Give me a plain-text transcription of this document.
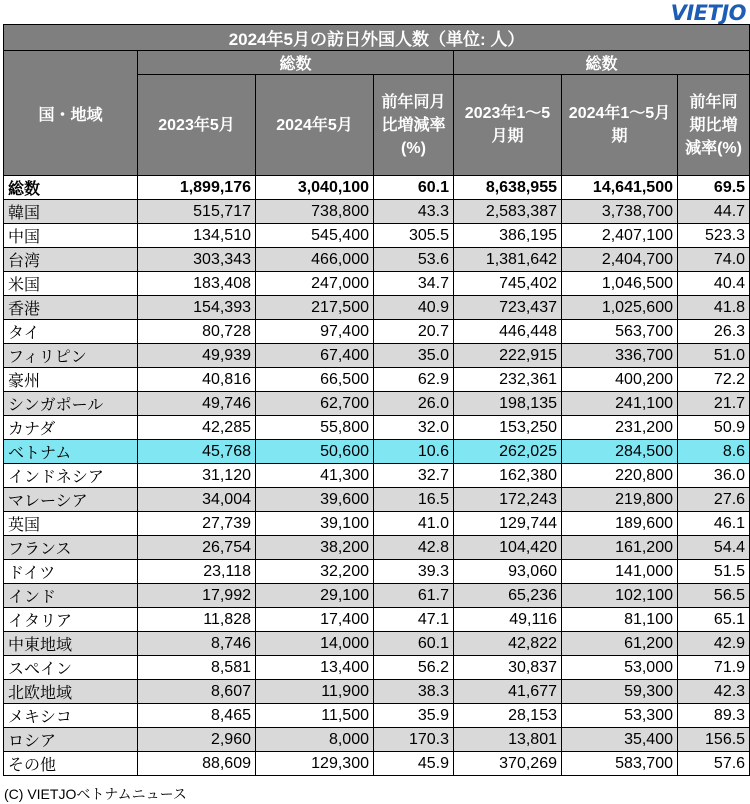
VIETJO
2024年5月の訪日外国人数（単位: 人）						
国・地域	総数			総数		
	2023年5月	2024年5月	前年同月比増減率(%)	2023年1～5月期	2024年1～5月期	前年同期比増減率(%)
総数	1,899,176	3,040,100	60.1	8,638,955	14,641,500	69.5
韓国	515,717	738,800	43.3	2,583,387	3,738,700	44.7
中国	134,510	545,400	305.5	386,195	2,407,100	523.3
台湾	303,343	466,000	53.6	1,381,642	2,404,700	74.0
米国	183,408	247,000	34.7	745,402	1,046,500	40.4
香港	154,393	217,500	40.9	723,437	1,025,600	41.8
タイ	80,728	97,400	20.7	446,448	563,700	26.3
フィリピン	49,939	67,400	35.0	222,915	336,700	51.0
豪州	40,816	66,500	62.9	232,361	400,200	72.2
シンガポール	49,746	62,700	26.0	198,135	241,100	21.7
カナダ	42,285	55,800	32.0	153,250	231,200	50.9
ベトナム	45,768	50,600	10.6	262,025	284,500	8.6
インドネシア	31,120	41,300	32.7	162,380	220,800	36.0
マレーシア	34,004	39,600	16.5	172,243	219,800	27.6
英国	27,739	39,100	41.0	129,744	189,600	46.1
フランス	26,754	38,200	42.8	104,420	161,200	54.4
ドイツ	23,118	32,200	39.3	93,060	141,000	51.5
インド	17,992	29,100	61.7	65,236	102,100	56.5
イタリア	11,828	17,400	47.1	49,116	81,100	65.1
中東地域	8,746	14,000	60.1	42,822	61,200	42.9
スペイン	8,581	13,400	56.2	30,837	53,000	71.9
北欧地域	8,607	11,900	38.3	41,677	59,300	42.3
メキシコ	8,465	11,500	35.9	28,153	53,300	89.3
ロシア	2,960	8,000	170.3	13,801	35,400	156.5
その他	88,609	129,300	45.9	370,269	583,700	57.6
(C) VIETJOベトナムニュース
